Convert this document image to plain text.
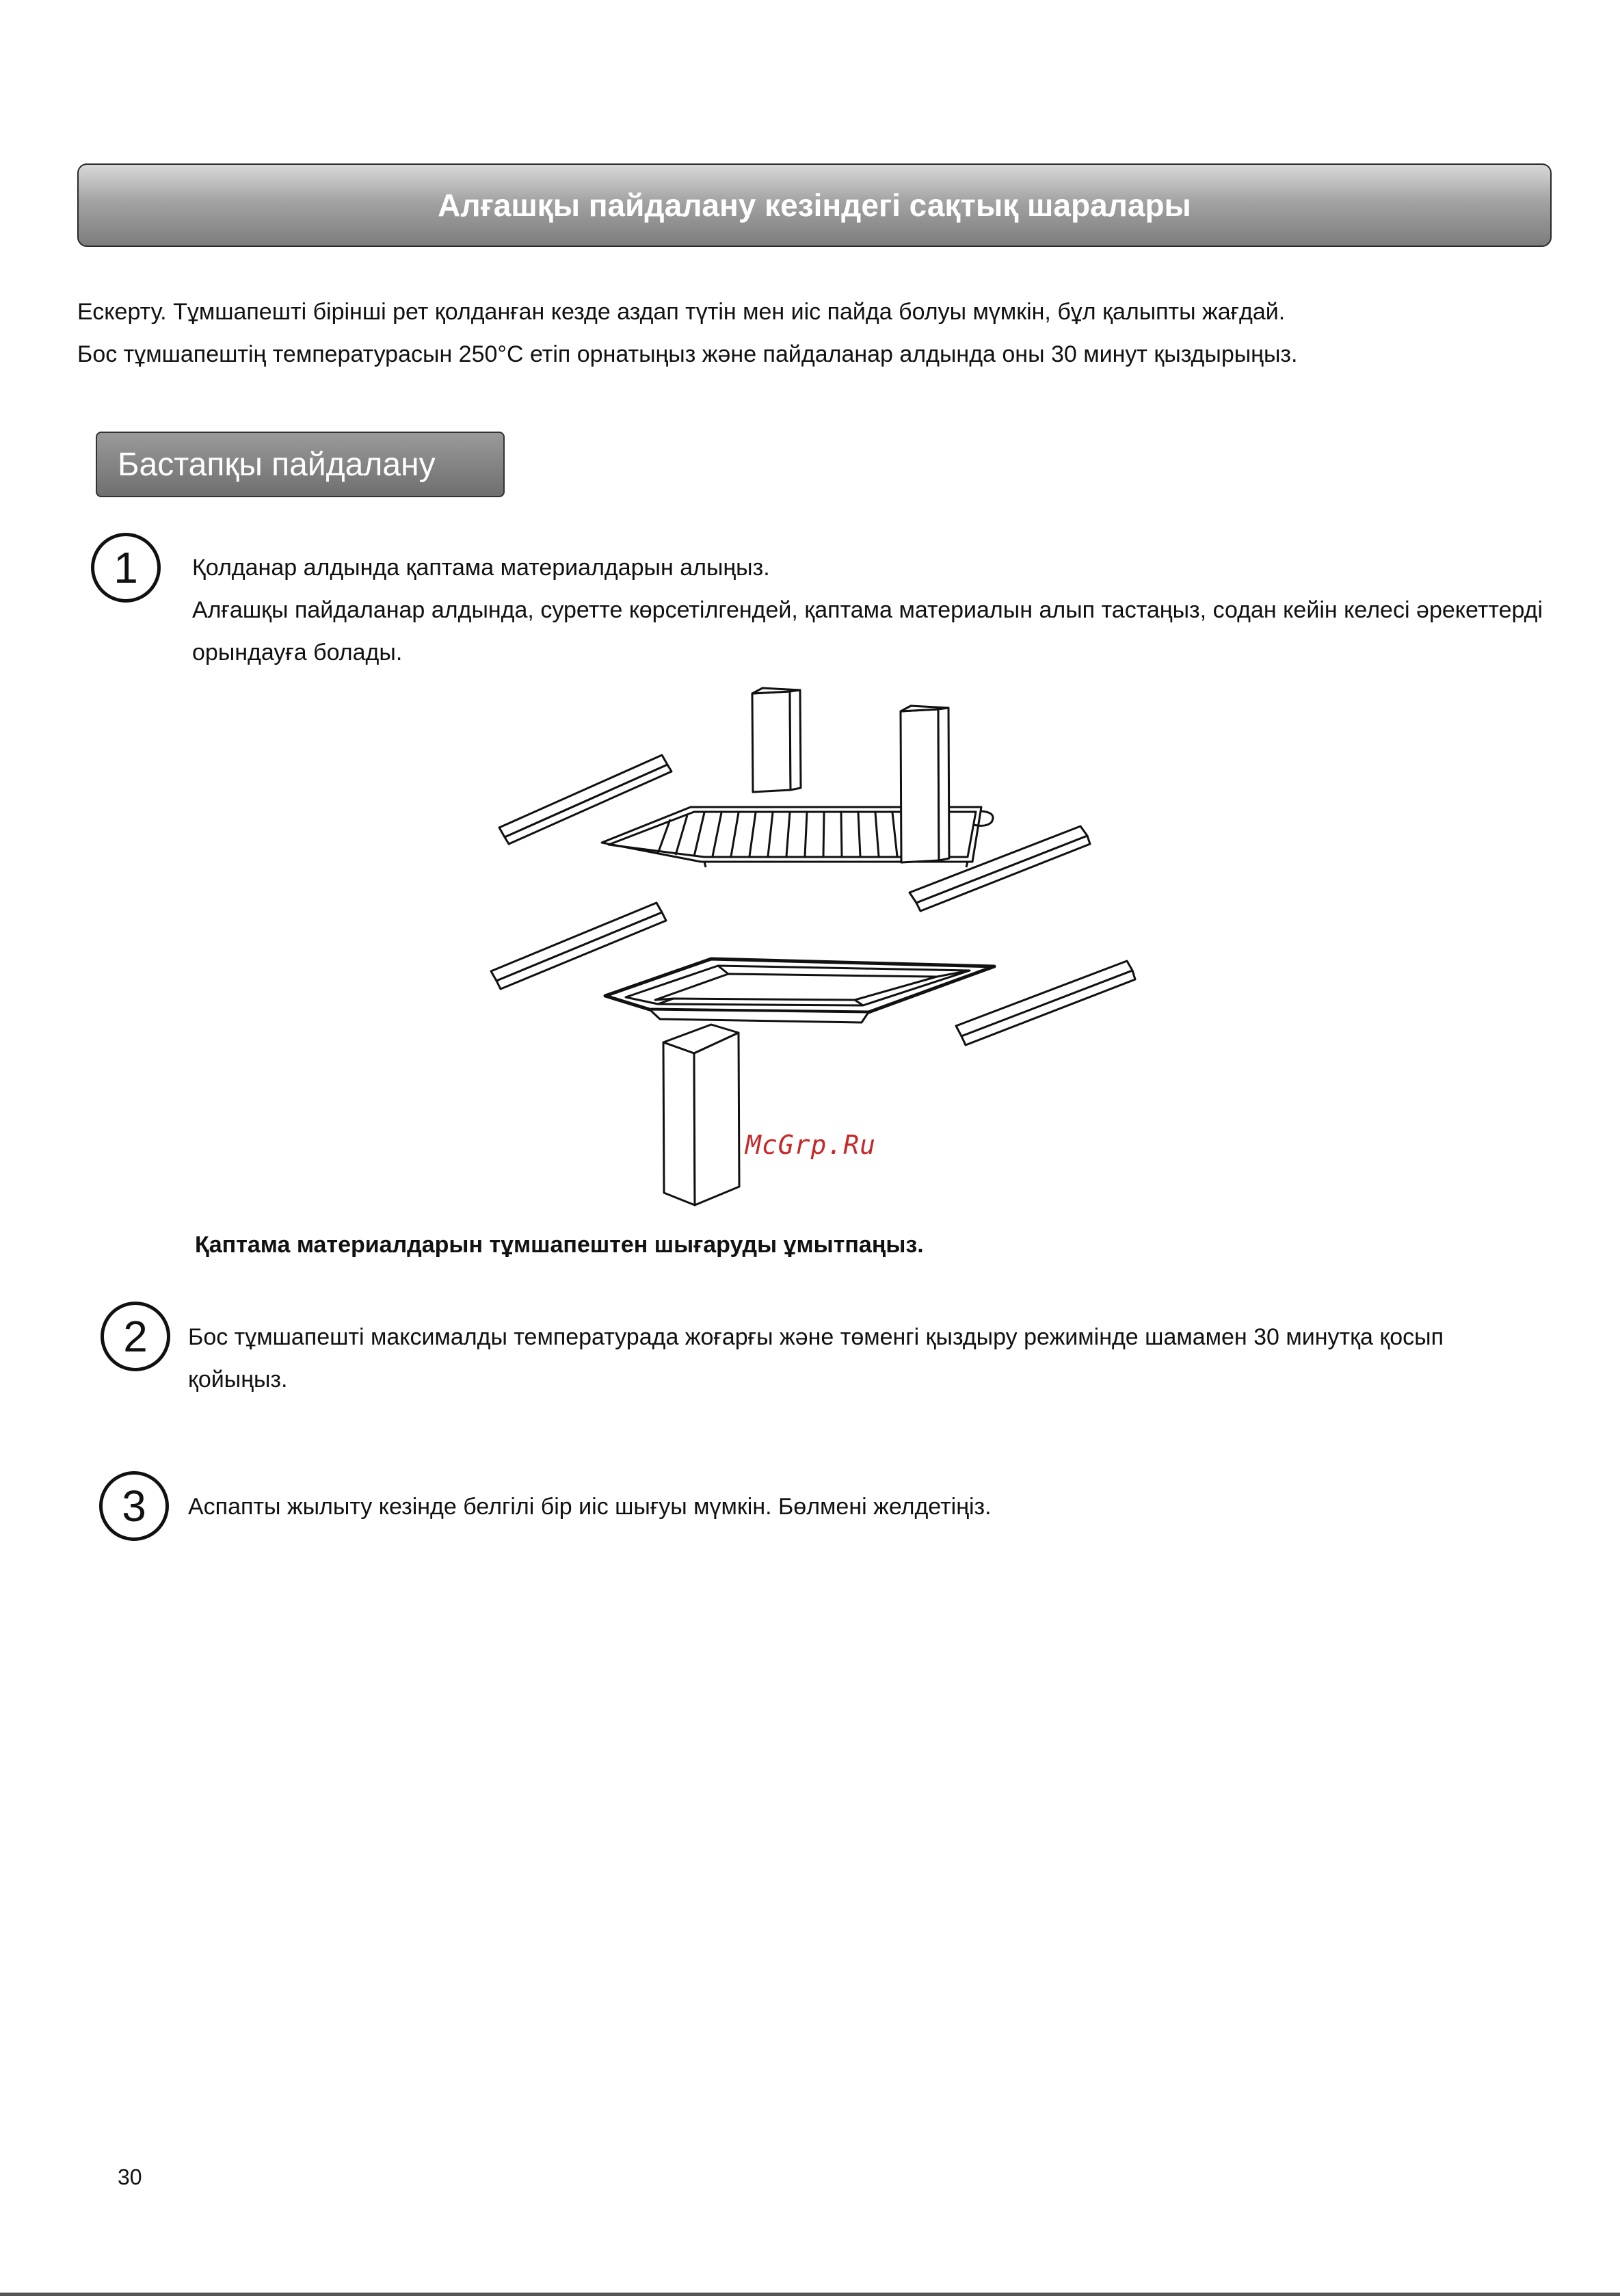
Алғашқы пайдалану кезіндегі сақтық шаралары
Ескерту. Тұмшапешті бірінші рет қолданған кезде аздап түтін мен иіс пайда болуы мүмкін, бұл қалыпты жағдай.
Бос тұмшапештің температурасын 250°C етіп орнатыңыз және пайдаланар алдында оны 30 минут қыздырыңыз.
Бастапқы пайдалану
1 Қолданар алдында қаптама материалдарын алыңыз.
Алғашқы пайдаланар алдында, суретте көрсетілгендей, қаптама материалын алып тастаңыз, содан кейін келесі әрекеттерді орындауға болады.
McGrp.Ru
Қаптама материалдарын тұмшапештен шығаруды ұмытпаңыз.
2 Бос тұмшапешті максималды температурада жоғарғы және төменгі қыздыру режимінде шамамен 30 минутқа қосып қойыңыз.
3 Аспапты жылыту кезінде белгілі бір иіс шығуы мүмкін. Бөлмені желдетіңіз.
30
